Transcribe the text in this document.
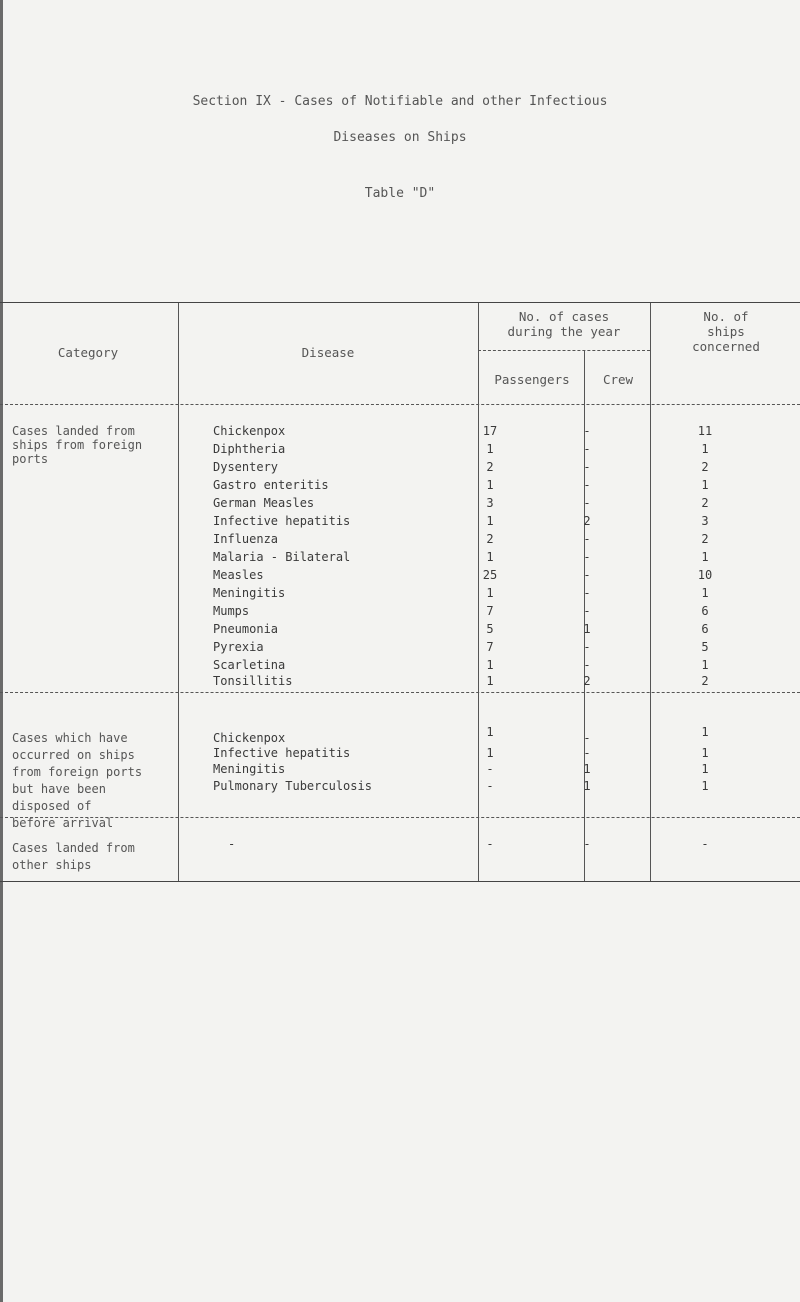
Section IX - Cases of Notifiable and other Infectious
Diseases on Ships
Table "D"
Category	Disease
No. of cases
during the year
Passengers	Crew
No. of
ships
concerned
Cases landed from
ships from foreign
ports
Chickenpox	17	-	11
Diphtheria	1	-	1
Dysentery	2	-	2
Gastro enteritis	1	-	1
German Measles	3	-	2
Infective hepatitis	1	2	3
Influenza	2	-	2
Malaria - Bilateral	1	-	1
Measles	25	-	10
Meningitis	1	-	1
Mumps	7	-	6
Pneumonia	5	1	6
Pyrexia	7	-	5
Scarletina	1	-	1
Tonsillitis	1	2	2
Cases which have
occurred on ships
from foreign ports
but have been
disposed of
before arrival
Chickenpox	1	-	1
Infective hepatitis	1	-	1
Meningitis	-	1	1
Pulmonary Tuberculosis	-	1	1
Cases landed from
other ships
-	-	-	-
